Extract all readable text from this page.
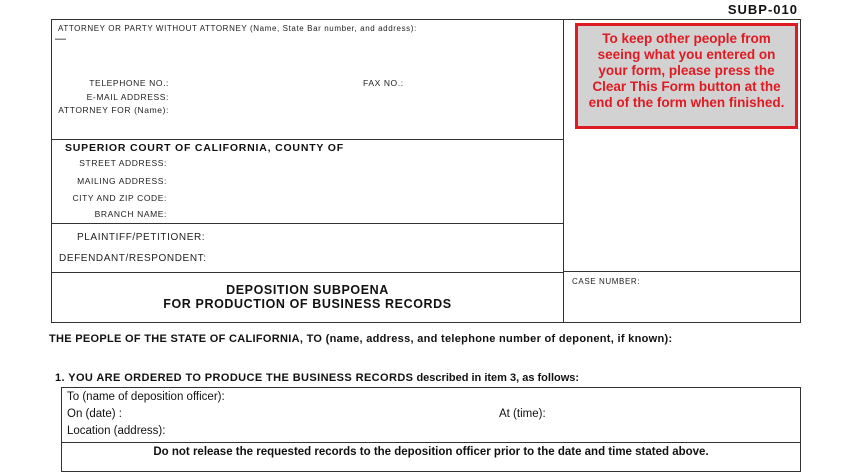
SUBP-010
ATTORNEY OR PARTY WITHOUT ATTORNEY (Name, State Bar number, and address):
—
TELEPHONE NO.:	FAX NO.:
E-MAIL ADDRESS:
ATTORNEY FOR (Name):
To keep other people from seeing what you entered on your form, please press the Clear This Form button at the end of the form when finished.
SUPERIOR COURT OF CALIFORNIA, COUNTY OF
STREET ADDRESS:
MAILING ADDRESS:
CITY AND ZIP CODE:
BRANCH NAME:
PLAINTIFF/PETITIONER:
DEFENDANT/RESPONDENT:
DEPOSITION SUBPOENA
FOR PRODUCTION OF BUSINESS RECORDS
CASE NUMBER:
THE PEOPLE OF THE STATE OF CALIFORNIA, TO (name, address, and telephone number of deponent, if known):
1. YOU ARE ORDERED TO PRODUCE THE BUSINESS RECORDS described in item 3, as follows:
To (name of deposition officer):
On (date) :	At (time):
Location (address):
Do not release the requested records to the deposition officer prior to the date and time stated above.
